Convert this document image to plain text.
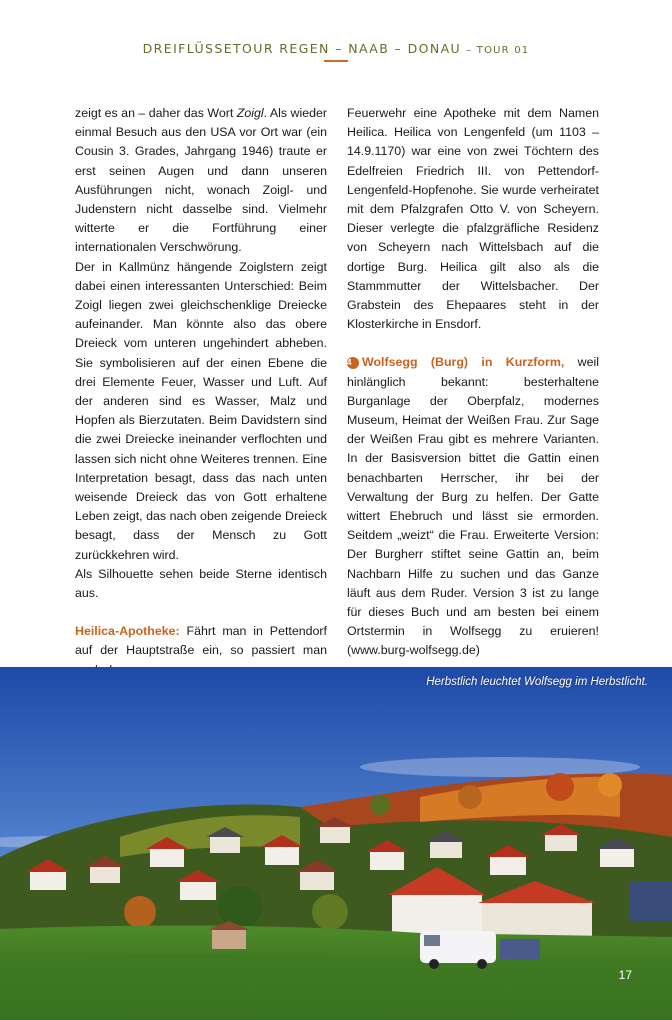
DREIFLÜSSETOUR REGEN – NAAB – DONAU – TOUR 01

zeigt es an – daher das Wort Zoigl. Als wieder einmal Besuch aus den USA vor Ort war (ein Cousin 3. Grades, Jahrgang 1946) traute er erst seinen Augen und dann unseren Ausführungen nicht, wonach Zoigl- und Judenstern nicht dasselbe sind. Vielmehr witterte er die Fortführung einer internationalen Verschwörung.

Der in Kallmünz hängende Zoiglstern zeigt dabei einen interessanten Unterschied: Beim Zoigl liegen zwei gleichschenklige Dreiecke aufeinander. Man könnte also das obere Dreieck vom unteren ungehindert abheben. Sie symbolisieren auf der einen Ebene die drei Elemente Feuer, Wasser und Luft. Auf der anderen sind es Wasser, Malz und Hopfen als Bierzutaten. Beim Davidstern sind die zwei Dreiecke ineinander verflochten und lassen sich nicht ohne Weiteres trennen. Eine Interpretation besagt, dass das nach unten weisende Dreieck das von Gott erhaltene Leben zeigt, das nach oben zeigende Dreieck besagt, dass der Mensch zu Gott zurückkehren wird.

Als Silhouette sehen beide Sterne identisch aus.

Heilica-Apotheke: Fährt man in Pettendorf auf der Hauptstraße ein, so passiert man

Feuerwehr eine Apotheke mit dem Namen Heilica. Heilica von Lengenfeld (um 1103 – 14.9.1170) war eine von zwei Töchtern des Edelfreien Friedrich III. von Pettendorf-Lengenfeld-Hopfenohe. Sie wurde verheiratet mit dem Pfalzgrafen Otto V. von Scheyern. Dieser verlegte die pfalzgräfliche Residenz von Scheyern nach Wittelsbach auf die dortige Burg. Heilica gilt also als die Stammmutter der Wittelsbacher. Der Grabstein des Ehepaares steht in der Klosterkirche in Ensdorf.

4 Wolfsegg (Burg) in Kurzform, weil hinlänglich bekannt: besterhaltene Burganlage der Oberpfalz, modernes Museum, Heimat der Weißen Frau. Zur Sage der Weißen Frau gibt es mehrere Varianten. In der Basisversion bittet die Gattin einen benachbarten Herrscher, ihr bei der Verwaltung der Burg zu helfen. Der Gatte wittert Ehebruch und lässt sie ermorden. Seitdem „weizt“ die Frau. Erweiterte Version: Der Burgherr stiftet seine Gattin an, beim Nachbarn Hilfe zu suchen und das Ganze läuft aus dem Ruder. Version 3 ist zu lange für dieses Buch und am besten bei einem Ortstermin in Wolfsegg zu eruieren! (www.burg-wolfsegg.de)

Herbstlich leuchtet Wolfsegg im Herbstlicht.
17
